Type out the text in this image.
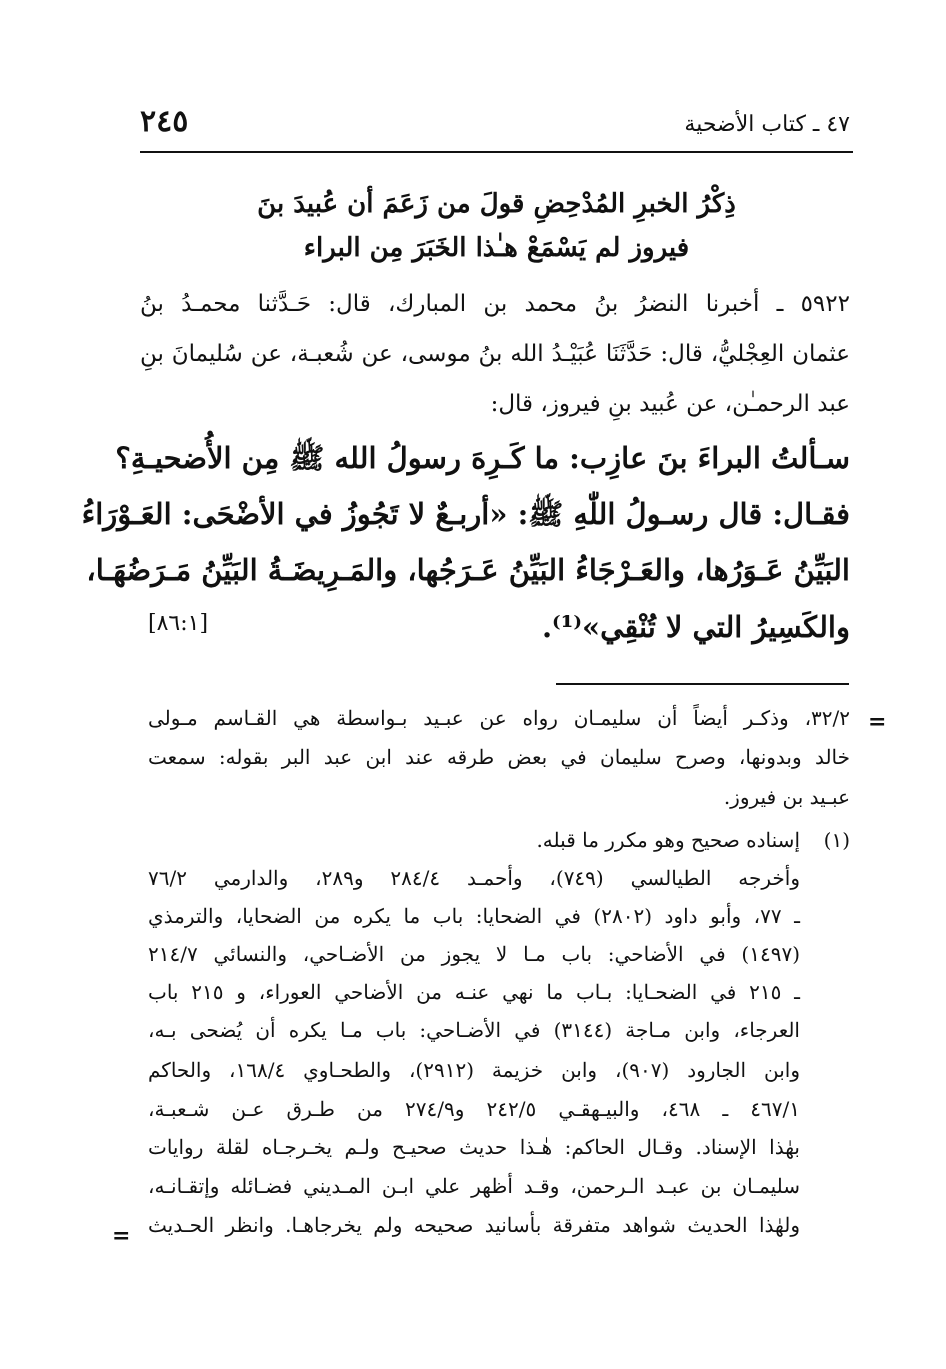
٤٧ ـ كتاب الأضحية
٢٤٥
ذِكْرُ الخبرِ المُدْحِضِ قولَ من زَعَمَ أن عُبيدَ بنَ
فيروز لم يَسْمَعْ هـٰذا الخَبَرَ مِن البراء
٥٩٢٢ ـ أخبرنا النضرُ بنُ محمد بن المبارك، قال: حَـدَّثنا محمـدُ بنُ
عثمان العِجْليُّ، قال: حَدَّثَنَا عُبَيْـدُ الله بنُ موسى، عن شُعبـة، عن سُليمانَ بنِ
عبد الرحمـٰن، عن عُبيد بنِ فيروز، قال:
سـألتُ البراءَ بنَ عازِب: ما كَـرِهَ رسولُ الله ﷺ مِن الأُضحيـةِ؟
فقـال: قال رسـولُ اللّٰهِ ﷺ: «أربـعٌ لا تَجُوزُ في الأضْحَى: العَـوْرَاءُ
البَيِّنُ عَـوَرُها، والعَـرْجَاءُ البَيِّنُ عَـرَجُها، والمَـرِيضَـةُ البَيِّنُ مَـرَضُهَـا،
والكَسِيرُ التي لا تُنْقِي»⁽¹⁾.
[٨٦:١]
=
٣٢/٢، وذكـر أيضاً أن سليمـان رواه عن عبـيد بـواسطة هي القـاسم مـولى
خالد وبدونها، وصرح سليمان في بعض طرقه عند ابن عبد البر بقوله: سمعت
عبـيد بن فيروز.
(١)
إسناده صحيح وهو مكرر ما قبله.
وأخرجه الطيالسي (٧٤٩)، وأحمـد ٢٨٤/٤ و٢٨٩، والدارمي ٧٦/٢
ـ ٧٧، وأبو داود (٢٨٠٢) في الضحايا: باب ما يكره من الضحايا، والترمذي
(١٤٩٧) في الأضاحي: باب مـا لا يجوز من الأضـاحي، والنسائي ٢١٤/٧
ـ ٢١٥ في الضحـايا: بـاب ما نهي عنـه من الأضاحي العوراء، و ٢١٥ باب
العرجاء، وابن مـاجة (٣١٤٤) في الأضـاحي: باب مـا يكره أن يُضحى بـه،
وابن الجارود (٩٠٧)، وابن خزيمة (٢٩١٢)، والطحـاوي ١٦٨/٤، والحاكم
٤٦٧/١ ـ ٤٦٨، والبيـهقـي ٢٤٢/٥ و٢٧٤/٩ من طـرق عـن شـعبـة،
بهٰذا الإسناد. وقـال الحاكم: هٰـذا حديث صحيـح ولـم يخـرجـاه لقلة روايات
سليمـان بن عبـد الـرحمن، وقـد أظهر علي ابـن المـديني فضـائله وإتقـانـه،
ولهٰذا الحديث شواهد متفرقة بأسانيد صحيحه ولم يخرجاهـا. وانظر الحـديث
=
